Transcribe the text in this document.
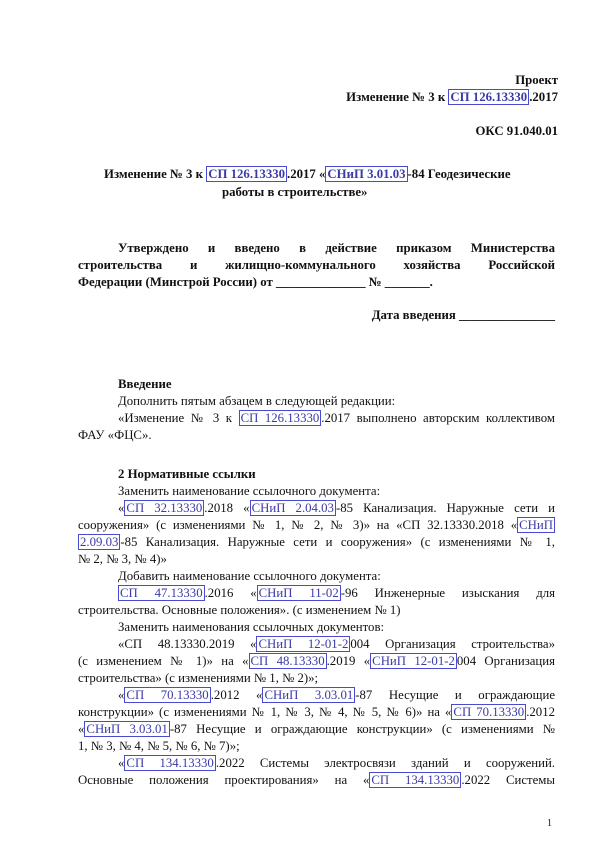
Проект
Изменение № 3 к СП 126.13330 .2017
ОКС 91.040.01
Изменение № 3 к СП 126.13330 .2017 « СНиП 3.01.03 -84 Геодезические
работы в строительстве»
Утверждено и введено в действие приказом Министерства
строительства и жилищно-коммунального хозяйства Российской
Федерации (Минстрой России) от ______________ № _______.
Дата введения _______________
Введение
Дополнить пятым абзацем в следующей редакции:
«Изменение № 3 к СП 126.13330 .2017 выполнено авторским коллективом
ФАУ «ФЦС».
2 Нормативные ссылки
Заменить наименование ссылочного документа:
« СП 32.13330 .2018 « СНиП 2.04.03 -85 Канализация. Наружные сети и
сооружения» (с изменениями № 1, № 2, № 3)» на «СП 32.13330.2018 « СНиП
2.09.03 -85 Канализация. Наружные сети и сооружения» (с изменениями № 1,
№ 2, № 3, № 4)»
Добавить наименование ссылочного документа:
СП 47.13330 .2016 « СНиП 11-02 -96 Инженерные изыскания для
строительства. Основные положения». (с изменением № 1)
Заменить наименования ссылочных документов:
«СП 48.13330.2019 « СНиП 12-01-2 004 Организация строительства»
(с изменением № 1)» на « СП 48.13330 .2019 « СНиП 12-01-2 004 Организация
строительства» (с изменениями № 1, № 2)»;
« СП 70.13330 .2012 « СНиП 3.03.01 -87 Несущие и ограждающие
конструкции» (с изменениями № 1, № 3, № 4, № 5, № 6)» на « СП 70.13330 .2012
« СНиП 3.03.01 -87 Несущие и ограждающие конструкции» (с изменениями №
1, № 3, № 4, № 5, № 6, № 7)»;
« СП 134.13330 .2022 Системы электросвязи зданий и сооружений.
Основные положения проектирования» на « СП 134.13330 .2022 Системы
1
